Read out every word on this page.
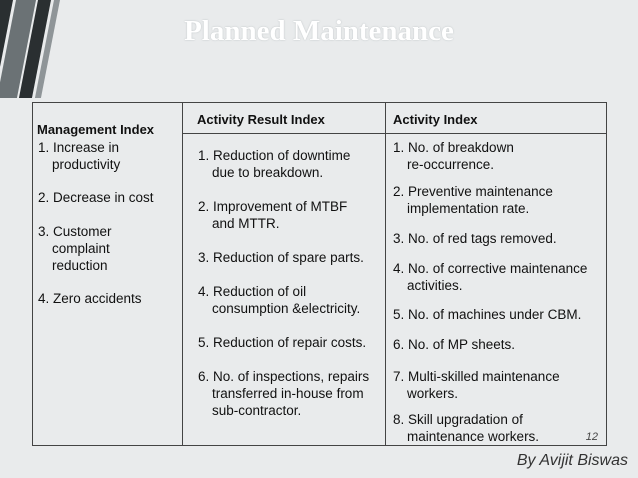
Planned Maintenance
Management Index
1. Increase in
productivity
2. Decrease in cost
3. Customer
complaint
reduction
4. Zero accidents
Activity Result Index
1. Reduction of downtime
due to breakdown.
2. Improvement of MTBF
and MTTR.
3. Reduction of spare parts.
4. Reduction of oil
consumption &electricity.
5. Reduction of repair costs.
6. No. of inspections, repairs
transferred in-house from
sub-contractor.
Activity Index
1. No. of breakdown
re-occurrence.
2. Preventive maintenance
implementation rate.
3. No. of red tags removed.
4. No. of corrective maintenance
activities.
5. No. of machines under CBM.
6. No. of MP sheets.
7. Multi-skilled maintenance
workers.
8. Skill upgradation of
maintenance workers.	12
By Avijit Biswas
